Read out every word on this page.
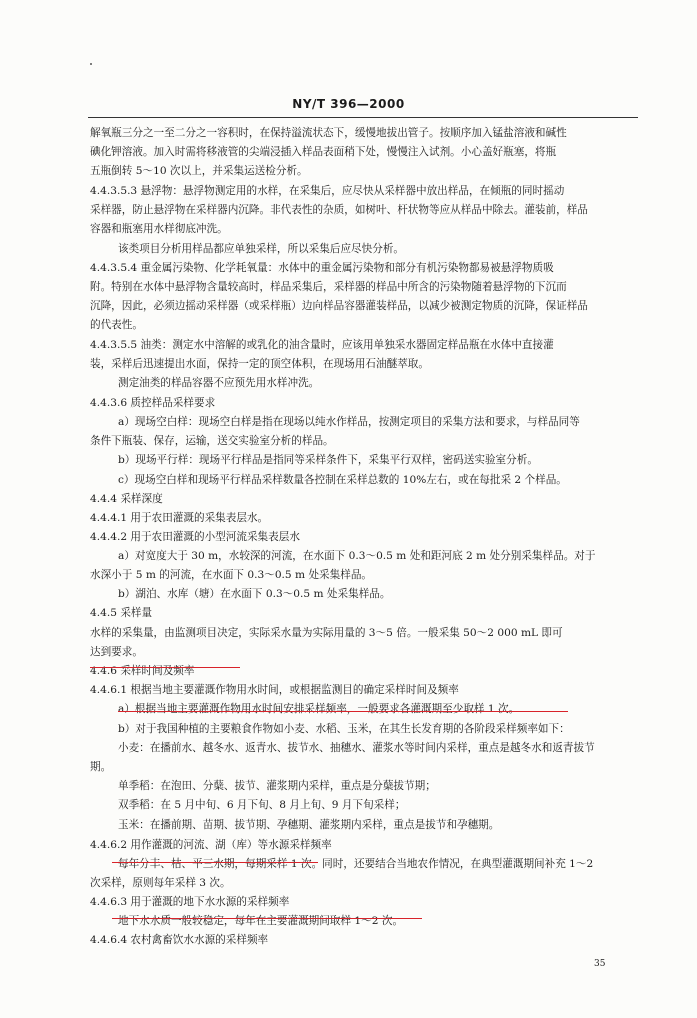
NY/T 396—2000
解氧瓶三分之一至二分之一容积时，在保持溢流状态下，缓慢地拔出管子。按顺序加入锰盐溶液和碱性
碘化钾溶液。加入时需将移液管的尖端浸插入样品表面稍下处，慢慢注入试剂。小心盖好瓶塞，将瓶
五瓶倒转 5～10 次以上，并采集运送检分析。
4.4.3.5.3 悬浮物：悬浮物测定用的水样，在采集后，应尽快从采样器中放出样品，在倾瓶的同时摇动
采样器，防止悬浮物在采样器内沉降。非代表性的杂质，如树叶、杆状物等应从样品中除去。灌装前，样品
容器和瓶塞用水样彻底冲洗。
该类项目分析用样品都应单独采样，所以采集后应尽快分析。
4.4.3.5.4 重金属污染物、化学耗氧量：水体中的重金属污染物和部分有机污染物都易被悬浮物质吸
附。特别在水体中悬浮物含量较高时，样品采集后，采样器的样品中所含的污染物随着悬浮物的下沉而
沉降，因此，必须边摇动采样器（或采样瓶）边向样品容器灌装样品，以减少被测定物质的沉降，保证样品
的代表性。
4.4.3.5.5 油类：测定水中溶解的或乳化的油含量时，应该用单独采水器固定样品瓶在水体中直接灌
装，采样后迅速提出水面，保持一定的顶空体积，在现场用石油醚萃取。
测定油类的样品容器不应预先用水样冲洗。
4.4.3.6 质控样品采样要求
a）现场空白样：现场空白样是指在现场以纯水作样品，按测定项目的采集方法和要求，与样品同等
条件下瓶装、保存，运输，送交实验室分析的样品。
b）现场平行样：现场平行样品是指同等采样条件下，采集平行双样，密码送实验室分析。
c）现场空白样和现场平行样品采样数量各控制在采样总数的 10%左右，或在每批采 2 个样品。
4.4.4 采样深度
4.4.4.1 用于农田灌溉的采集表层水。
4.4.4.2 用于农田灌溉的小型河流采集表层水
a）对宽度大于 30 m，水较深的河流，在水面下 0.3～0.5 m 处和距河底 2 m 处分别采集样品。对于
水深小于 5 m 的河流，在水面下 0.3～0.5 m 处采集样品。
b）湖泊、水库（塘）在水面下 0.3～0.5 m 处采集样品。
4.4.5 采样量
水样的采集量，由监测项目决定，实际采水量为实际用量的 3～5 倍。一般采集 50～2 000 mL 即可
达到要求。
4.4.6 采样时间及频率
4.4.6.1 根据当地主要灌溉作物用水时间，或根据监测目的确定采样时间及频率
a）根据当地主要灌溉作物用水时间安排采样频率，一般要求各灌溉期至少取样 1 次。
b）对于我国种植的主要粮食作物如小麦、水稻、玉米，在其生长发育期的各阶段采样频率如下：
小麦：在播前水、越冬水、返青水、拔节水、抽穗水、灌浆水等时间内采样，重点是越冬水和返青拔节
期。
单季稻：在泡田、分蘖、拔节、灌浆期内采样，重点是分蘖拔节期；
双季稻：在 5 月中旬、6 月下旬、8 月上旬、9 月下旬采样；
玉米：在播前期、苗期、拔节期、孕穗期、灌浆期内采样，重点是拔节和孕穗期。
4.4.6.2 用作灌溉的河流、湖（库）等水源采样频率
每年分丰、枯、平三水期，每期采样 1 次。同时，还要结合当地农作情况，在典型灌溉期间补充 1～2
次采样，原则每年采样 3 次。
4.4.6.3 用于灌溉的地下水水源的采样频率
地下水水质一般较稳定，每年在主要灌溉期间取样 1～2 次。
4.4.6.4 农村禽畜饮水水源的采样频率
35
